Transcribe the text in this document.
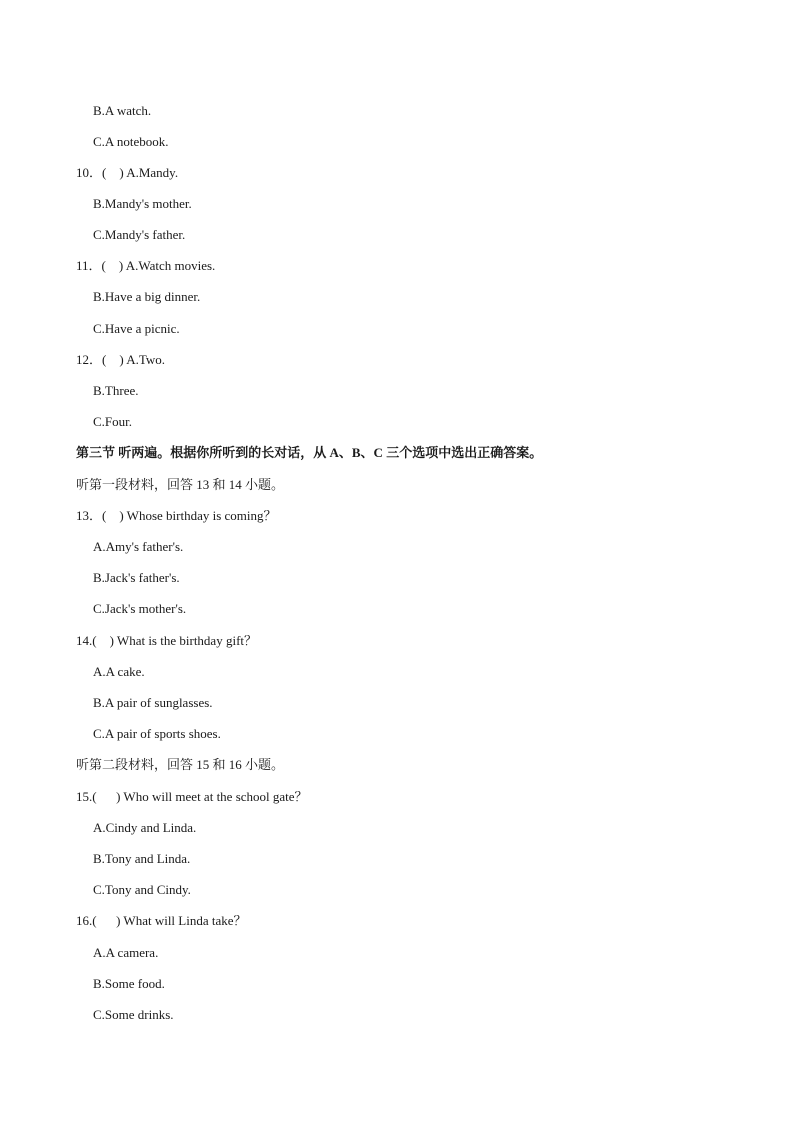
B.A watch.
C.A notebook.
10．(    ) A.Mandy.
B.Mandy's mother.
C.Mandy's father.
11．(    ) A.Watch movies.
B.Have a big dinner.
C.Have a picnic.
12．(    ) A.Two.
B.Three.
C.Four.
第三节 听两遍。根据你所听到的长对话，从 A、B、C 三个选项中选出正确答案。
听第一段材料，回答 13 和 14 小题。
13．(    ) Whose birthday is coming？
A.Amy's father's.
B.Jack's father's.
C.Jack's mother's.
14.(    ) What is the birthday gift？
A.A cake.
B.A pair of sunglasses.
C.A pair of sports shoes.
听第二段材料，回答 15 和 16 小题。
15.(      ) Who will meet at the school gate？
A.Cindy and Linda.
B.Tony and Linda.
C.Tony and Cindy.
16.(      ) What will Linda take？
A.A camera.
B.Some food.
C.Some drinks.
